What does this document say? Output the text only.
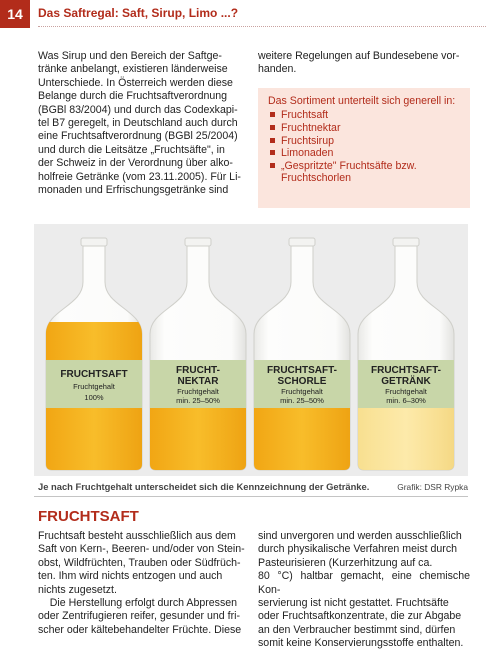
14	Das Saftregal: Saft, Sirup, Limo ...?
Was Sirup und den Bereich der Saftge-
tränke anbelangt, existieren länderweise
Unterschiede. In Österreich werden diese
Belange durch die Fruchtsaftverordnung
(BGBl 83/2004) und durch das Codexkapi-
tel B7 geregelt, in Deutschland auch durch
eine Fruchtsaftverordnung (BGBl 25/2004)
und durch die Leitsätze „Fruchtsäfte", in
der Schweiz in der Verordnung über alko-
holfreie Getränke (vom 23.11.2005). Für Li-
monaden und Erfrischungsgetränke sind
weitere Regelungen auf Bundesebene vor-
handen.
Das Sortiment unterteilt sich generell in:
Fruchtsaft
Fruchtnektar
Fruchtsirup
Limonaden
„Gespritzte" Fruchtsäfte bzw.
Fruchtschorlen
FRUCHTSAFT
Fruchtgehalt
100%
FRUCHT-
NEKTAR
Fruchtgehalt
min. 25–50%
FRUCHTSAFT-
SCHORLE
Fruchtgehalt
min. 25–50%
FRUCHTSAFT-
GETRÄNK
Fruchtgehalt
min. 6–30%
Je nach Fruchtgehalt unterscheidet sich die Kennzeichnung der Getränke.	Grafik: DSR Rypka
FRUCHTSAFT
Fruchtsaft besteht ausschließlich aus dem
Saft von Kern-, Beeren- und/oder von Stein-
obst, Wildfrüchten, Trauben oder Südfrüch-
ten. Ihm wird nichts entzogen und auch
nichts zugesetzt.
Die Herstellung erfolgt durch Abpressen
oder Zentrifugieren reifer, gesunder und fri-
scher oder kältebehandelter Früchte. Diese
sind unvergoren und werden ausschließlich
durch physikalische Verfahren meist durch
Pasteurisieren (Kurzerhitzung auf ca.
80 °C) haltbar gemacht, eine chemische Kon-
servierung ist nicht gestattet. Fruchtsäfte
oder Fruchtsaftkonzentrate, die zur Abgabe
an den Verbraucher bestimmt sind, dürfen
somit keine Konservierungsstoffe enthalten.
